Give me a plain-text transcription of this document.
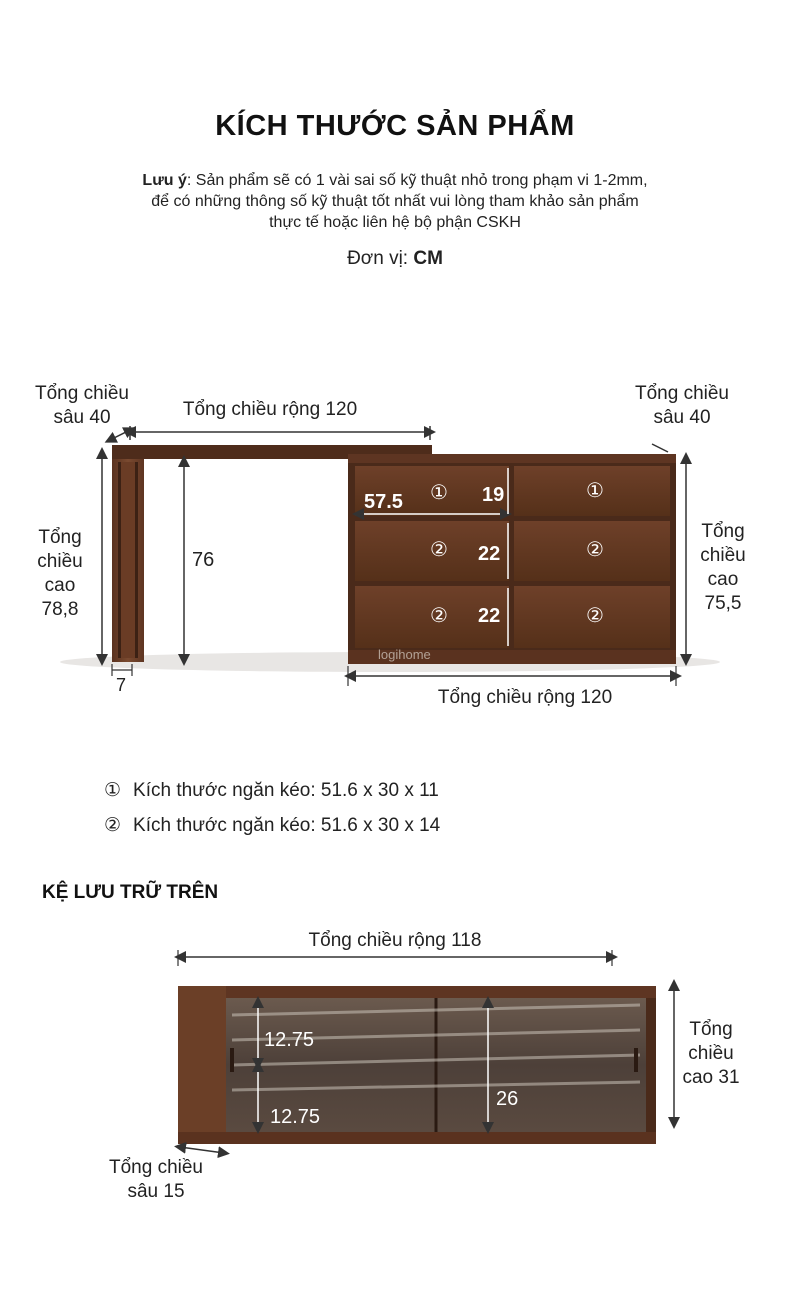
KÍCH THƯỚC SẢN PHẨM
Lưu ý: Sản phẩm sẽ có 1 vài sai số kỹ thuật nhỏ trong phạm vi 1-2mm,
để có những thông số kỹ thuật tốt nhất vui lòng tham khảo sản phẩm
thực tế hoặc liên hệ bộ phận CSKH
Đơn vị: CM
Tổng chiều
sâu 40	Tổng chiều rộng 120
Tổng chiều
sâu 40
Tổng
chiều
cao
78,8
76
7
Tổng
chiều
cao
75,5
Tổng chiều rộng 120
57.5	19
22
22
①	①
②	②
②	②
logihome
① Kích thước ngăn kéo: 51.6 x 30 x 11
② Kích thước ngăn kéo: 51.6 x 30 x 14
KỆ LƯU TRỮ TRÊN
Tổng chiều rộng 118
Tổng
chiều
cao 31
12.75
12.75
26
Tổng chiều
sâu 15
